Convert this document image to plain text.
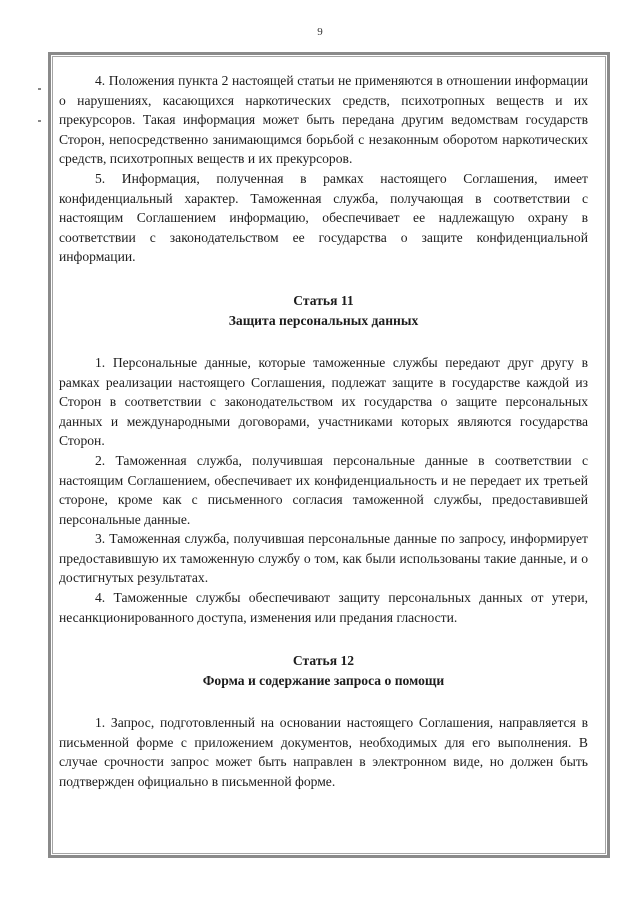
9

4. Положения пункта 2 настоящей статьи не применяются в отношении информации о нарушениях, касающихся наркотических средств, психотропных веществ и их прекурсоров. Такая информация может быть передана другим ведомствам государств Сторон, непосредственно занимающимся борьбой с незаконным оборотом наркотических средств, психотропных веществ и их прекурсоров.

5. Информация, полученная в рамках настоящего Соглашения, имеет конфиденциальный характер. Таможенная служба, получающая в соответствии с настоящим Соглашением информацию, обеспечивает ее надлежащую охрану в соответствии с законодательством ее государства о защите конфиденциальной информации.

Статья 11

Защита персональных данных

1. Персональные данные, которые таможенные службы передают друг другу в рамках реализации настоящего Соглашения, подлежат защите в государстве каждой из Сторон в соответствии с законодательством их государства о защите персональных данных и международными договорами, участниками которых являются государства Сторон.

2. Таможенная служба, получившая персональные данные в соответствии с настоящим Соглашением, обеспечивает их конфиденциальность и не передает их третьей стороне, кроме как с письменного согласия таможенной службы, предоставившей персональные данные.

3. Таможенная служба, получившая персональные данные по запросу, информирует предоставившую их таможенную службу о том, как были использованы такие данные, и о достигнутых результатах.

4. Таможенные службы обеспечивают защиту персональных данных от утери, несанкционированного доступа, изменения или предания гласности.

Статья 12

Форма и содержание запроса о помощи

1. Запрос, подготовленный на основании настоящего Соглашения, направляется в письменной форме с приложением документов, необходимых для его выполнения. В случае срочности запрос может быть направлен в электронном виде, но должен быть подтвержден официально в письменной форме.
